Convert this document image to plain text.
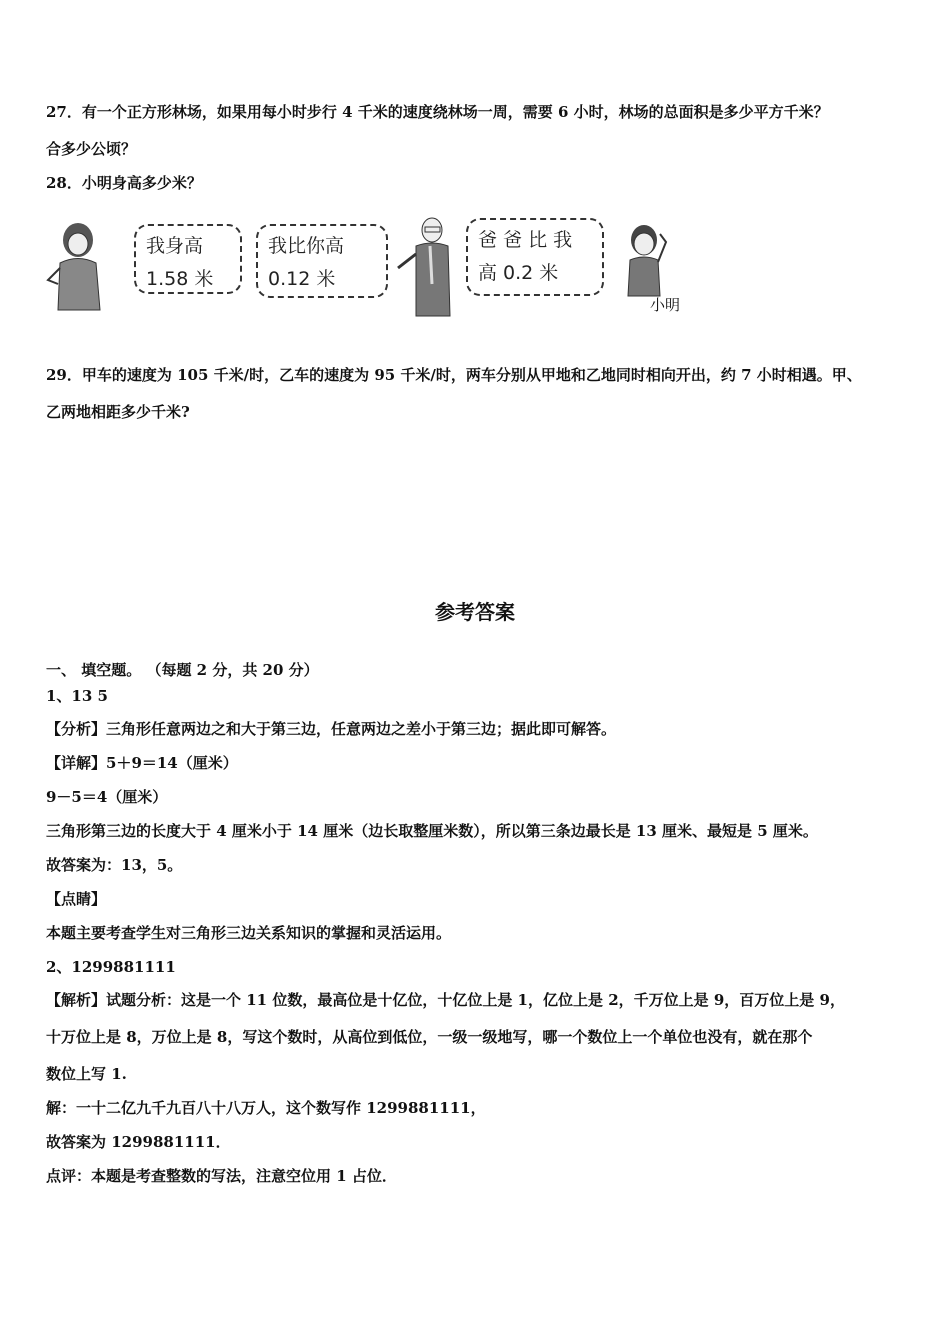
27．有一个正方形林场，如果用每小时步行 4 千米的速度绕林场一周，需要 6 小时，林场的总面积是多少平方千米？
合多少公顷？
28．小明身高多少米？
我身高
1.58 米
我比你高
0.12 米
爸 爸 比 我
高 0.2 米
小明
29．甲车的速度为 105 千米/时，乙车的速度为 95 千米/时，两车分别从甲地和乙地同时相向开出，约 7 小时相遇。甲、
乙两地相距多少千米?
参考答案
一、 填空题。 （每题 2 分，共 20 分）
1、13 5
【分析】三角形任意两边之和大于第三边，任意两边之差小于第三边；据此即可解答。
【详解】5＋9＝14（厘米）
9－5＝4（厘米）
三角形第三边的长度大于 4 厘米小于 14 厘米（边长取整厘米数），所以第三条边最长是 13 厘米、最短是 5 厘米。
故答案为：13，5。
【点睛】
本题主要考查学生对三角形三边关系知识的掌握和灵活运用。
2、1299881111
【解析】试题分析：这是一个 11 位数，最高位是十亿位，十亿位上是 1，亿位上是 2，千万位上是 9，百万位上是 9，
十万位上是 8，万位上是 8，写这个数时，从高位到低位，一级一级地写，哪一个数位上一个单位也没有，就在那个
数位上写 1.
解：一十二亿九千九百八十八万人，这个数写作 1299881111，
故答案为 1299881111．
点评：本题是考查整数的写法，注意空位用 1 占位．
